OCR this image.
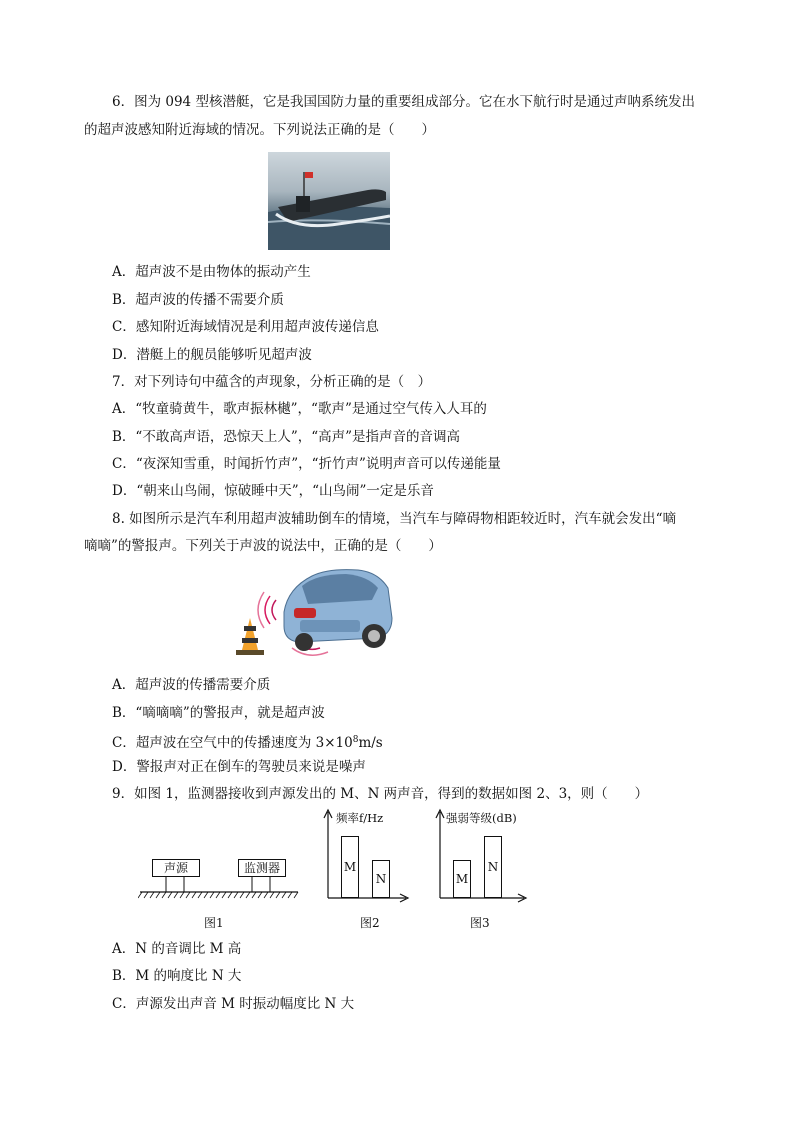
6．图为 094 型核潜艇，它是我国国防力量的重要组成部分。它在水下航行时是通过声呐系统发出
的超声波感知附近海域的情况。下列说法正确的是（　　）
A．超声波不是由物体的振动产生
B．超声波的传播不需要介质
C．感知附近海域情况是利用超声波传递信息
D．潜艇上的舰员能够听见超声波
7．对下列诗句中蕴含的声现象，分析正确的是（　）
A．“牧童骑黄牛，歌声振林樾”，“歌声”是通过空气传入人耳的
B．“不敢高声语，恐惊天上人”，“高声”是指声音的音调高
C．“夜深知雪重，时闻折竹声”，“折竹声”说明声音可以传递能量
D．“朝来山鸟闹，惊破睡中天”，“山鸟闹”一定是乐音
8. 如图所示是汽车利用超声波辅助倒车的情境，当汽车与障碍物相距较近时，汽车就会发出“嘀
嘀嘀”的警报声。下列关于声波的说法中，正确的是（　　）
A．超声波的传播需要介质
B．“嘀嘀嘀”的警报声，就是超声波
C．超声波在空气中的传播速度为 $3\times 10^8m/s$
D．警报声对正在倒车的驾驶员来说是噪声
9．如图 1，监测器接收到声源发出的 M、N 两声音，得到的数据如图 2、3，则（　　）
声源	监测器
图1
频率f/Hz
M
N
图2
强弱等级(dB)
M
N
图3
A．N 的音调比 M 高
B．M 的响度比 N 大
C．声源发出声音 M 时振动幅度比 N 大
